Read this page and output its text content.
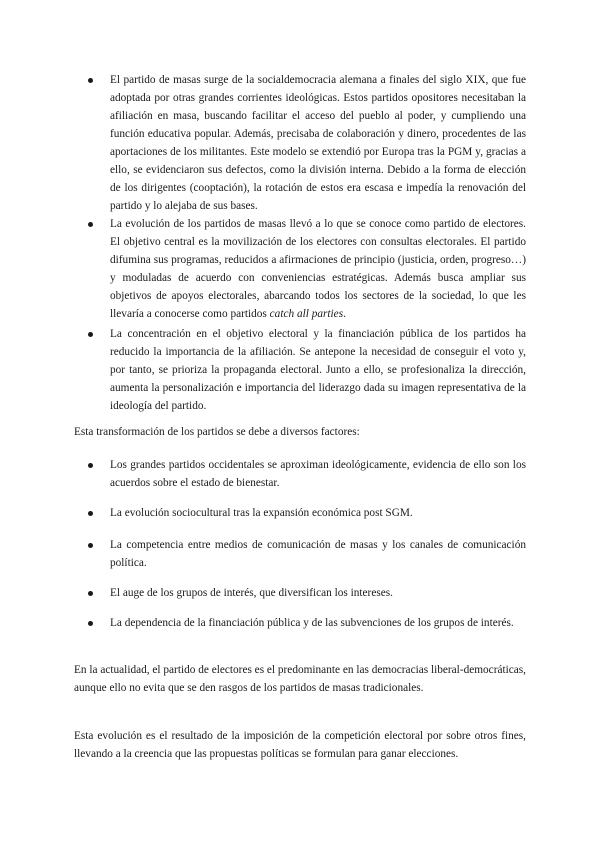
El partido de masas surge de la socialdemocracia alemana a finales del siglo XIX, que fue adoptada por otras grandes corrientes ideológicas. Estos partidos opositores necesitaban la afiliación en masa, buscando facilitar el acceso del pueblo al poder, y cumpliendo una función educativa popular. Además, precisaba de colaboración y dinero, procedentes de las aportaciones de los militantes. Este modelo se extendió por Europa tras la PGM y, gracias a ello, se evidenciaron sus defectos, como la división interna. Debido a la forma de elección de los dirigentes (cooptación), la rotación de estos era escasa e impedía la renovación del partido y lo alejaba de sus bases.
La evolución de los partidos de masas llevó a lo que se conoce como partido de electores. El objetivo central es la movilización de los electores con consultas electorales. El partido difumina sus programas, reducidos a afirmaciones de principio (justicia, orden, progreso…) y moduladas de acuerdo con conveniencias estratégicas. Además busca ampliar sus objetivos de apoyos electorales, abarcando todos los sectores de la sociedad, lo que les llevaría a conocerse como partidos catch all parties.
La concentración en el objetivo electoral y la financiación pública de los partidos ha reducido la importancia de la afiliación. Se antepone la necesidad de conseguir el voto y, por tanto, se prioriza la propaganda electoral. Junto a ello, se profesionaliza la dirección, aumenta la personalización e importancia del liderazgo dada su imagen representativa de la ideología del partido.

Esta transformación de los partidos se debe a diversos factores:

Los grandes partidos occidentales se aproximan ideológicamente, evidencia de ello son los acuerdos sobre el estado de bienestar.
La evolución sociocultural tras la expansión económica post SGM.
La competencia entre medios de comunicación de masas y los canales de comunicación política.
El auge de los grupos de interés, que diversifican los intereses.
La dependencia de la financiación pública y de las subvenciones de los grupos de interés.

En la actualidad, el partido de electores es el predominante en las democracias liberal-democráticas, aunque ello no evita que se den rasgos de los partidos de masas tradicionales.

Esta evolución es el resultado de la imposición de la competición electoral por sobre otros fines, llevando a la creencia que las propuestas políticas se formulan para ganar elecciones.
